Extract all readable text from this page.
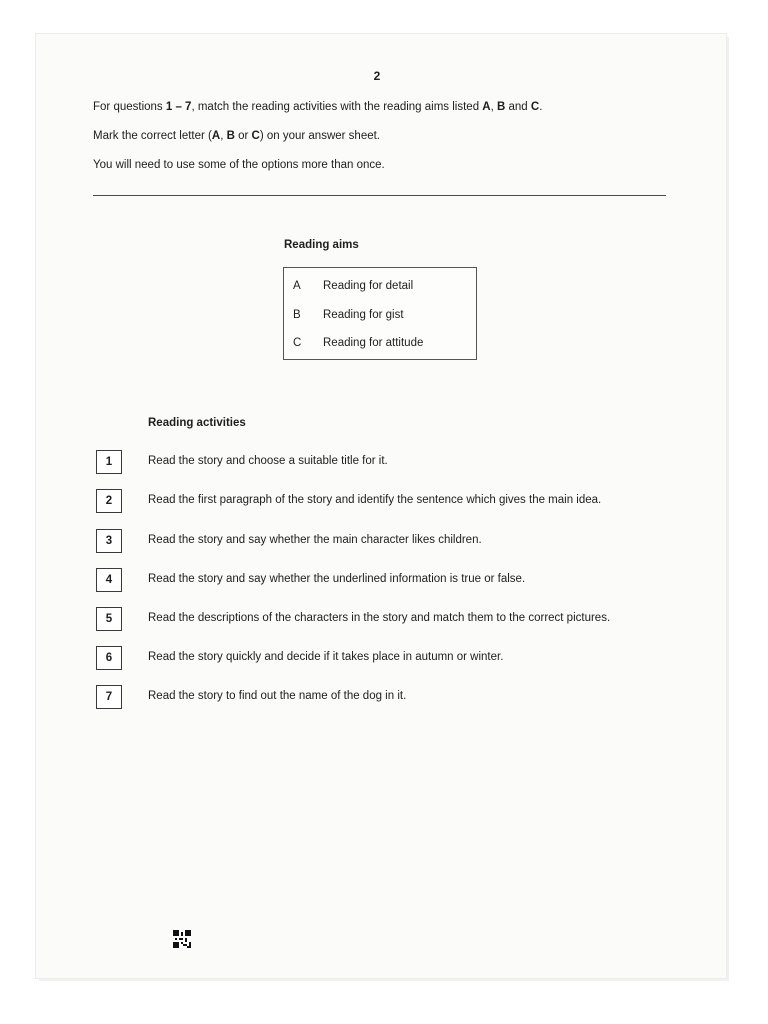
2
For questions 1 – 7, match the reading activities with the reading aims listed A, B and C.
Mark the correct letter (A, B or C) on your answer sheet.
You will need to use some of the options more than once.
Reading aims
A Reading for detail
B Reading for gist
C Reading for attitude
Reading activities
1	Read the story and choose a suitable title for it.
2	Read the first paragraph of the story and identify the sentence which gives the main idea.
3	Read the story and say whether the main character likes children.
4	Read the story and say whether the underlined information is true or false.
5	Read the descriptions of the characters in the story and match them to the correct pictures.
6	Read the story quickly and decide if it takes place in autumn or winter.
7	Read the story to find out the name of the dog in it.
